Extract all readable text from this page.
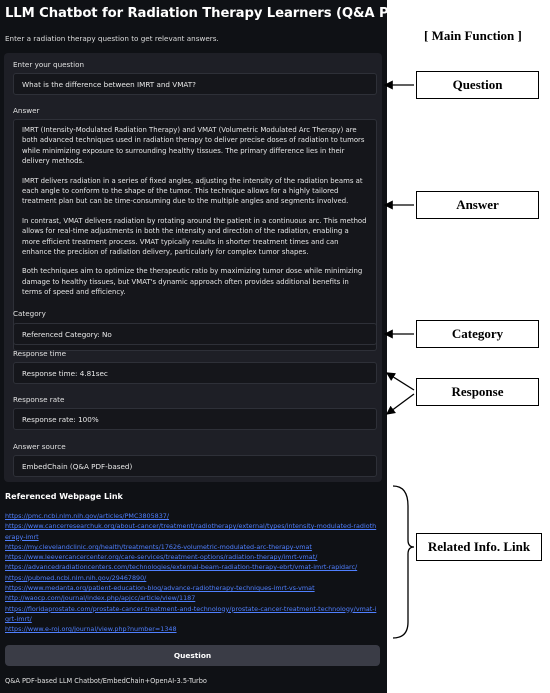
LLM Chatbot for Radiation Therapy Learners (Q&A PDF-based)
Enter a radiation therapy question to get relevant answers.
Enter your question
What is the difference between IMRT and VMAT?
Answer

IMRT (Intensity-Modulated Radiation Therapy) and VMAT (Volumetric Modulated Arc Therapy) are both advanced techniques used in radiation therapy to deliver precise doses of radiation to tumors while minimizing exposure to surrounding healthy tissues. The primary difference lies in their delivery methods.

IMRT delivers radiation in a series of fixed angles, adjusting the intensity of the radiation beams at each angle to conform to the shape of the tumor. This technique allows for a highly tailored treatment plan but can be time-consuming due to the multiple angles and segments involved.

In contrast, VMAT delivers radiation by rotating around the patient in a continuous arc. This method allows for real-time adjustments in both the intensity and direction of the radiation, enabling a more efficient treatment process. VMAT typically results in shorter treatment times and can enhance the precision of radiation delivery, particularly for complex tumor shapes.

Both techniques aim to optimize the therapeutic ratio by maximizing tumor dose while minimizing damage to healthy tissues, but VMAT's dynamic approach often provides additional benefits in terms of speed and efficiency.

Category
Referenced Category: No
Response time
Response time: 4.81sec
Response rate
Response rate: 100%
Answer source
EmbedChain (Q&A PDF-based)
Referenced Webpage Link
https://pmc.ncbi.nlm.nih.gov/articles/PMC3805837/
https://www.cancerresearchuk.org/about-cancer/treatment/radiotherapy/external/types/intensity-modulated-radiotherapy-imrt
https://my.clevelandclinic.org/health/treatments/17626-volumetric-modulated-arc-therapy-vmat
https://www.leevercancercenter.org/care-services/treatment-options/radiation-therapy/imrt-vmat/
https://advancedradiationcenters.com/technologies/external-beam-radiation-therapy-ebrt/vmat-imrt-rapidarc/
https://pubmed.ncbi.nlm.nih.gov/29467890/
https://www.medanta.org/patient-education-blog/advance-radiotherapy-techniques-imrt-vs-vmat
http://waocp.com/journal/index.php/apjcc/article/view/1187
https://floridaprostate.com/prostate-cancer-treatment-and-technology/prostate-cancer-treatment-technology/vmat-igrt-imrt/
https://www.e-roj.org/journal/view.php?number=1348
Question
Q&A PDF-based LLM Chatbot/EmbedChain+OpenAI-3.5-Turbo
[ Main Function ]
Question
Answer
Category
Response
Related Info. Link
